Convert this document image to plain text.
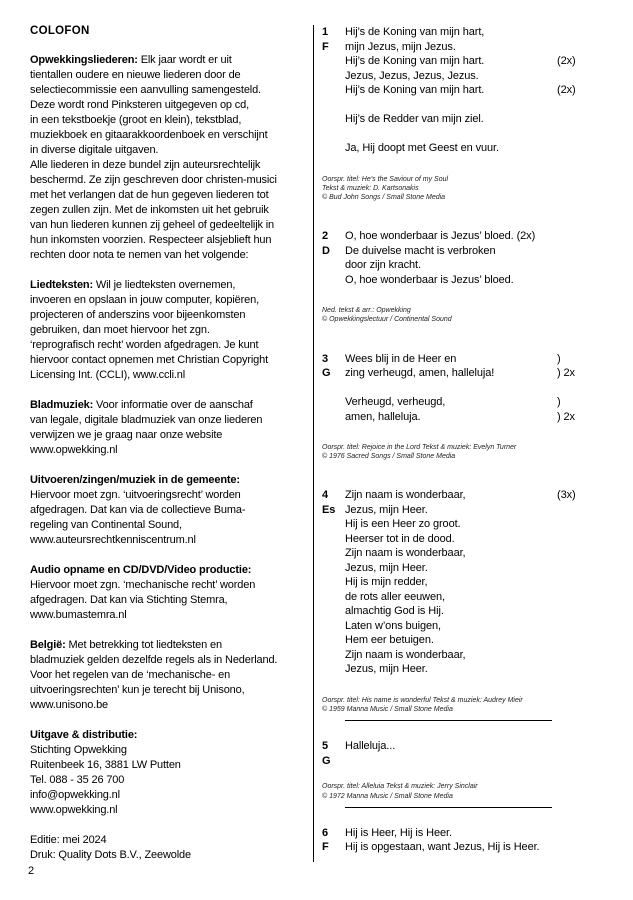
COLOFON
Opwekkingsliederen: Elk jaar wordt er uit
tientallen oudere en nieuwe liederen door de
selectiecommissie een aanvulling samengesteld.
Deze wordt rond Pinksteren uitgegeven op cd,
in een tekstboekje (groot en klein), tekstblad,
muziekboek en gitaarakkoordenboek en verschijnt
in diverse digitale uitgaven.
Alle liederen in deze bundel zijn auteursrechtelijk
beschermd. Ze zijn geschreven door christen-musici
met het verlangen dat de hun gegeven liederen tot
zegen zullen zijn. Met de inkomsten uit het gebruik
van hun liederen kunnen zij geheel of gedeeltelijk in
hun inkomsten voorzien. Respecteer alsjeblieft hun
rechten door nota te nemen van het volgende:
Liedteksten: Wil je liedteksten overnemen,
invoeren en opslaan in jouw computer, kopiëren,
projecteren of anderszins voor bijeenkomsten
gebruiken, dan moet hiervoor het zgn.
‘reprografisch recht’ worden afgedragen. Je kunt
hiervoor contact opnemen met Christian Copyright
Licensing Int. (CCLI), www.ccli.nl
Bladmuziek: Voor informatie over de aanschaf
van legale, digitale bladmuziek van onze liederen
verwijzen we je graag naar onze website
www.opwekking.nl
Uitvoeren/zingen/muziek in de gemeente:
Hiervoor moet zgn. ‘uitvoeringsrecht’ worden
afgedragen. Dat kan via de collectieve Buma-
regeling van Continental Sound,
www.auteursrechtkenniscentrum.nl
Audio opname en CD/DVD/Video productie:
Hiervoor moet zgn. ‘mechanische recht’ worden
afgedragen. Dat kan via Stichting Stemra,
www.bumastemra.nl
België: Met betrekking tot liedteksten en
bladmuziek gelden dezelfde regels als in Nederland.
Voor het regelen van de ‘mechanische- en
uitvoeringsrechten’ kun je terecht bij Unisono,
www.unisono.be
Uitgave & distributie:
Stichting Opwekking
Ruitenbeek 16, 3881 LW Putten
Tel. 088 - 35 26 700
info@opwekking.nl
www.opwekking.nl
Editie: mei 2024
Druk: Quality Dots B.V., Zeewolde
1
F
Hij’s de Koning van mijn hart,
mijn Jezus, mijn Jezus.
Hij’s de Koning van mijn hart.	(2x)
Jezus, Jezus, Jezus, Jezus.
Hij’s de Koning van mijn hart.	(2x)
Hij’s de Redder van mijn ziel.
Ja, Hij doopt met Geest en vuur.
Oorspr. titel: He’s the Saviour of my Soul
Tekst & muziek: D. Kartsonakis
© Bud John Songs / Small Stone Media
2
D
O, hoe wonderbaar is Jezus’ bloed. (2x)
De duivelse macht is verbroken
door zijn kracht.
O, hoe wonderbaar is Jezus’ bloed.
Ned. tekst & arr.: Opwekking
© Opwekkingslectuur / Continental Sound
3
G
Wees blij in de Heer en	)
zing verheugd, amen, halleluja!	) 2x
Verheugd, verheugd,	)
amen, halleluja.	) 2x
Oorspr. titel: Rejoice in the Lord Tekst & muziek: Evelyn Turner
© 1976 Sacred Songs / Small Stone Media
4
Es
Zijn naam is wonderbaar,	(3x)
Jezus, mijn Heer.
Hij is een Heer zo groot.
Heerser tot in de dood.
Zijn naam is wonderbaar,
Jezus, mijn Heer.
Hij is mijn redder,
de rots aller eeuwen,
almachtig God is Hij.
Laten w’ons buigen,
Hem eer betuigen.
Zijn naam is wonderbaar,
Jezus, mijn Heer.
Oorspr. titel: His name is wonderful Tekst & muziek: Audrey Mieir
© 1959 Manna Music / Small Stone Media
5
G
Halleluja...
Oorspr. titel: Alleluia Tekst & muziek: Jerry Sinclair
© 1972 Manna Music / Small Stone Media
6
F
Hij is Heer, Hij is Heer.
Hij is opgestaan, want Jezus, Hij is Heer.
2
